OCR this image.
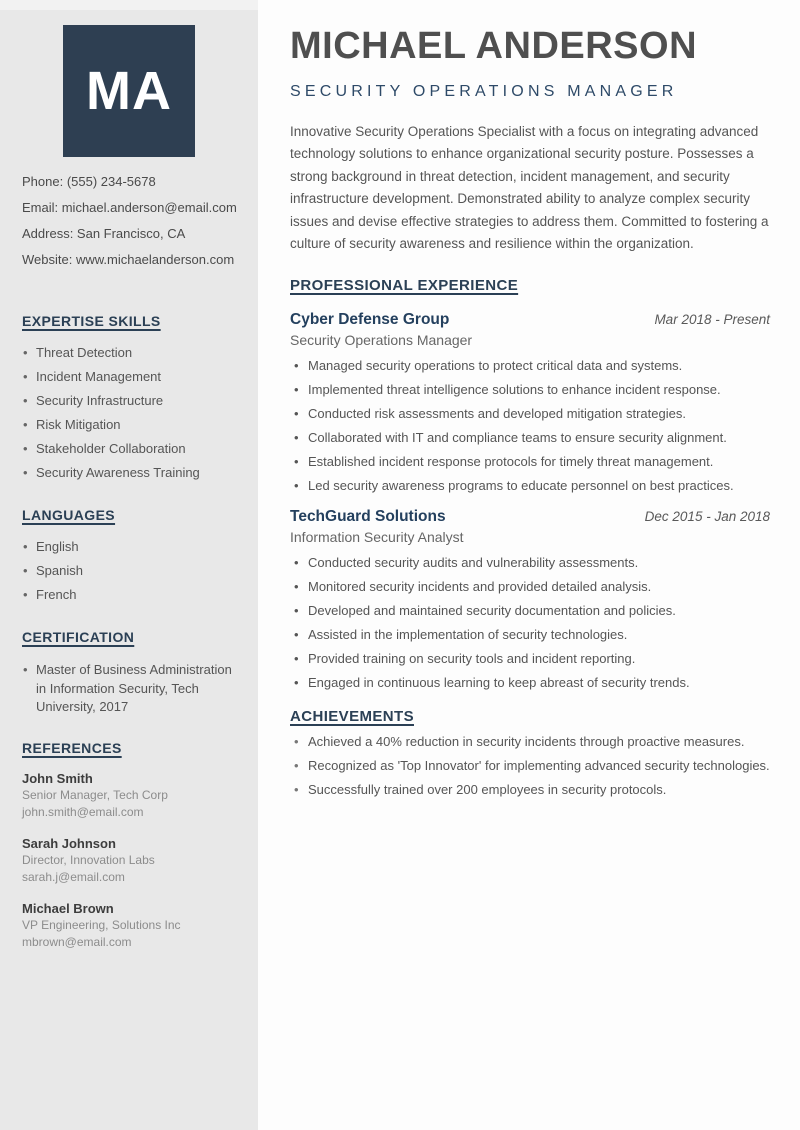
MA

Phone: (555) 234-5678

Email: michael.anderson@email.com

Address: San Francisco, CA

Website: www.michaelanderson.com

EXPERTISE SKILLS
• Threat Detection
• Incident Management
• Security Infrastructure
• Risk Mitigation
• Stakeholder Collaboration
• Security Awareness Training
LANGUAGES
• English
• Spanish
• French
CERTIFICATION
• Master of Business Administration in Information Security, Tech University, 2017
REFERENCES
John Smith
Senior Manager, Tech Corp
john.smith@email.com
Sarah Johnson
Director, Innovation Labs
sarah.j@email.com
Michael Brown
VP Engineering, Solutions Inc
mbrown@email.com
MICHAEL ANDERSON
SECURITY OPERATIONS MANAGER

Innovative Security Operations Specialist with a focus on integrating advanced technology solutions to enhance organizational security posture. Possesses a strong background in threat detection, incident management, and security infrastructure development. Demonstrated ability to analyze complex security issues and devise effective strategies to address them. Committed to fostering a culture of security awareness and resilience within the organization.

PROFESSIONAL EXPERIENCE
Cyber Defense Group	Mar 2018 - Present
Security Operations Manager
• Managed security operations to protect critical data and systems.
• Implemented threat intelligence solutions to enhance incident response.
• Conducted risk assessments and developed mitigation strategies.
• Collaborated with IT and compliance teams to ensure security alignment.
• Established incident response protocols for timely threat management.
• Led security awareness programs to educate personnel on best practices.
TechGuard Solutions	Dec 2015 - Jan 2018
Information Security Analyst
• Conducted security audits and vulnerability assessments.
• Monitored security incidents and provided detailed analysis.
• Developed and maintained security documentation and policies.
• Assisted in the implementation of security technologies.
• Provided training on security tools and incident reporting.
• Engaged in continuous learning to keep abreast of security trends.
ACHIEVEMENTS
• Achieved a 40% reduction in security incidents through proactive measures.
• Recognized as 'Top Innovator' for implementing advanced security technologies.
• Successfully trained over 200 employees in security protocols.
